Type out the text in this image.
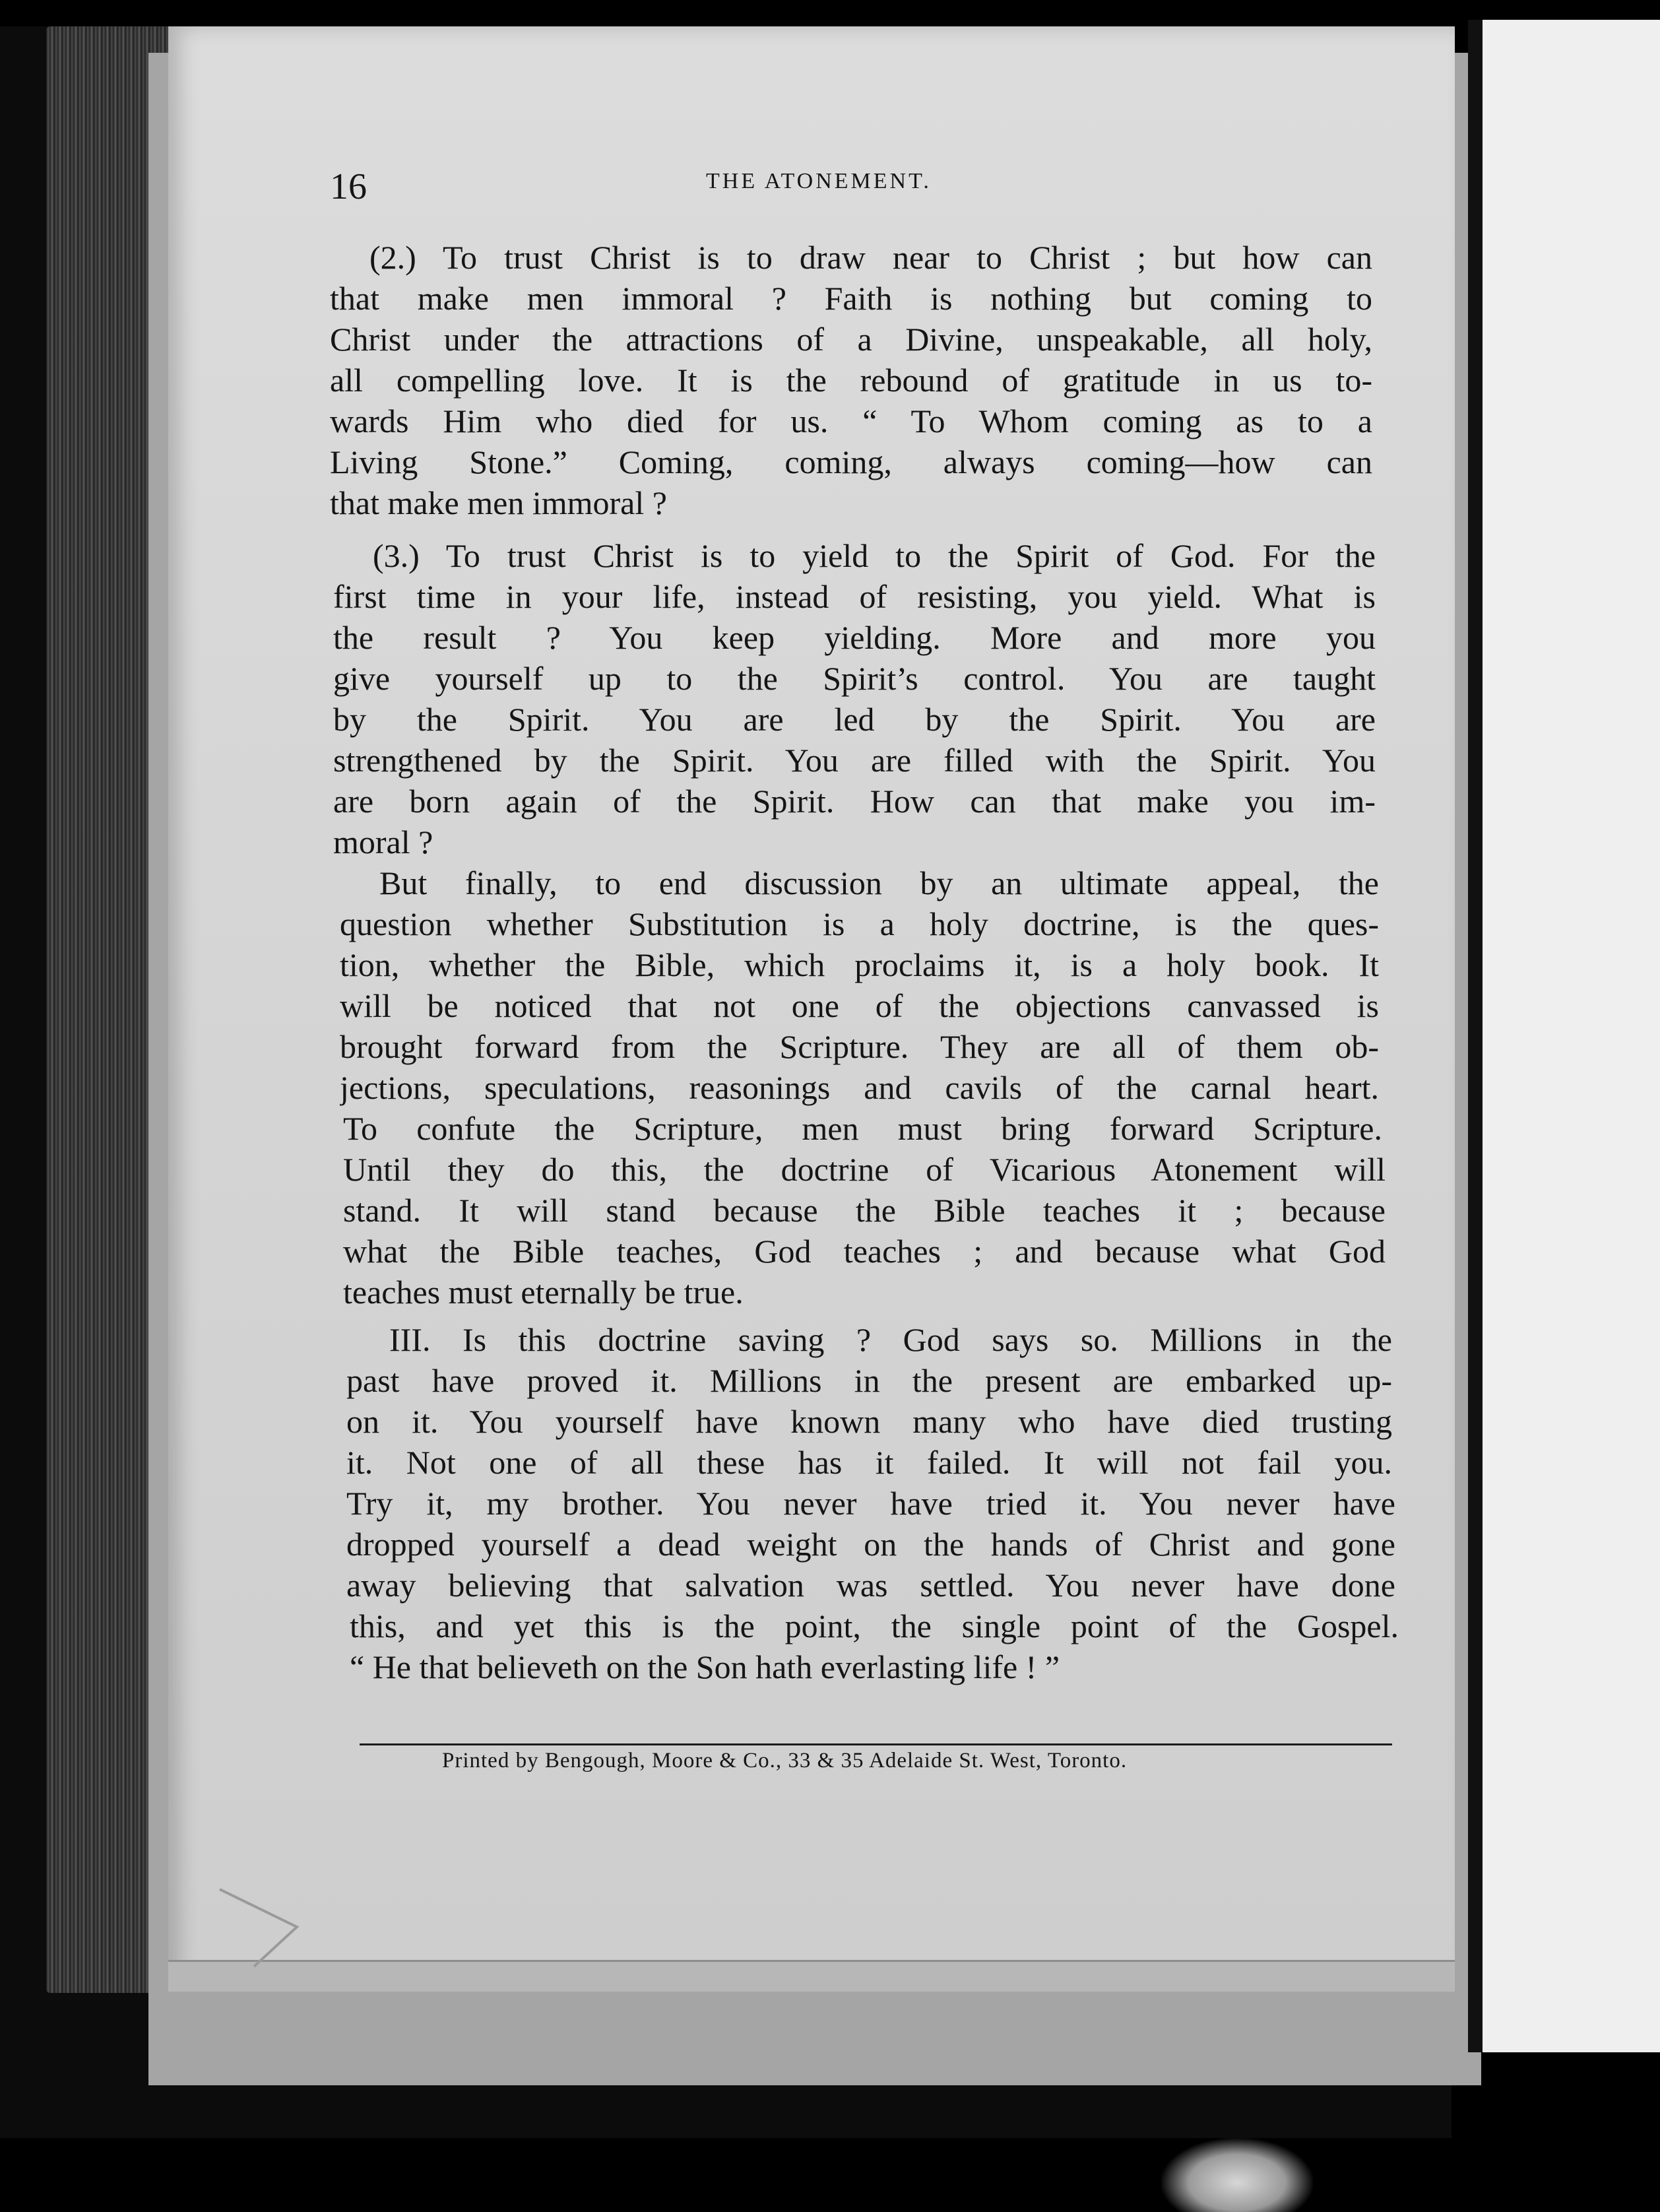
16	THE ATONEMENT.
(2.) To trust Christ is to draw near to Christ ; but how can
that make men immoral ? Faith is nothing but coming to
Christ under the attractions of a Divine, unspeakable, all holy,
all compelling love. It is the rebound of gratitude in us to-
wards Him who died for us. “ To Whom coming as to a
Living Stone.” Coming, coming, always coming—how can
that make men immoral ?
(3.) To trust Christ is to yield to the Spirit of God. For the
first time in your life, instead of resisting, you yield. What is
the result ? You keep yielding. More and more you
give yourself up to the Spirit’s control. You are taught
by the Spirit. You are led by the Spirit. You are
strengthened by the Spirit. You are filled with the Spirit. You
are born again of the Spirit. How can that make you im-
moral ?
But finally, to end discussion by an ultimate appeal, the
question whether Substitution is a holy doctrine, is the ques-
tion, whether the Bible, which proclaims it, is a holy book. It
will be noticed that not one of the objections canvassed is
brought forward from the Scripture. They are all of them ob-
jections, speculations, reasonings and cavils of the carnal heart.
To confute the Scripture, men must bring forward Scripture.
Until they do this, the doctrine of Vicarious Atonement will
stand. It will stand because the Bible teaches it ; because
what the Bible teaches, God teaches ; and because what God
teaches must eternally be true.
III. Is this doctrine saving ? God says so. Millions in the
past have proved it. Millions in the present are embarked up-
on it. You yourself have known many who have died trusting
it. Not one of all these has it failed. It will not fail you.
Try it, my brother. You never have tried it. You never have
dropped yourself a dead weight on the hands of Christ and gone
away believing that salvation was settled. You never have done
this, and yet this is the point, the single point of the Gospel.
“ He that believeth on the Son hath everlasting life ! ”
Printed by Bengough, Moore & Co., 33 & 35 Adelaide St. West, Toronto.
